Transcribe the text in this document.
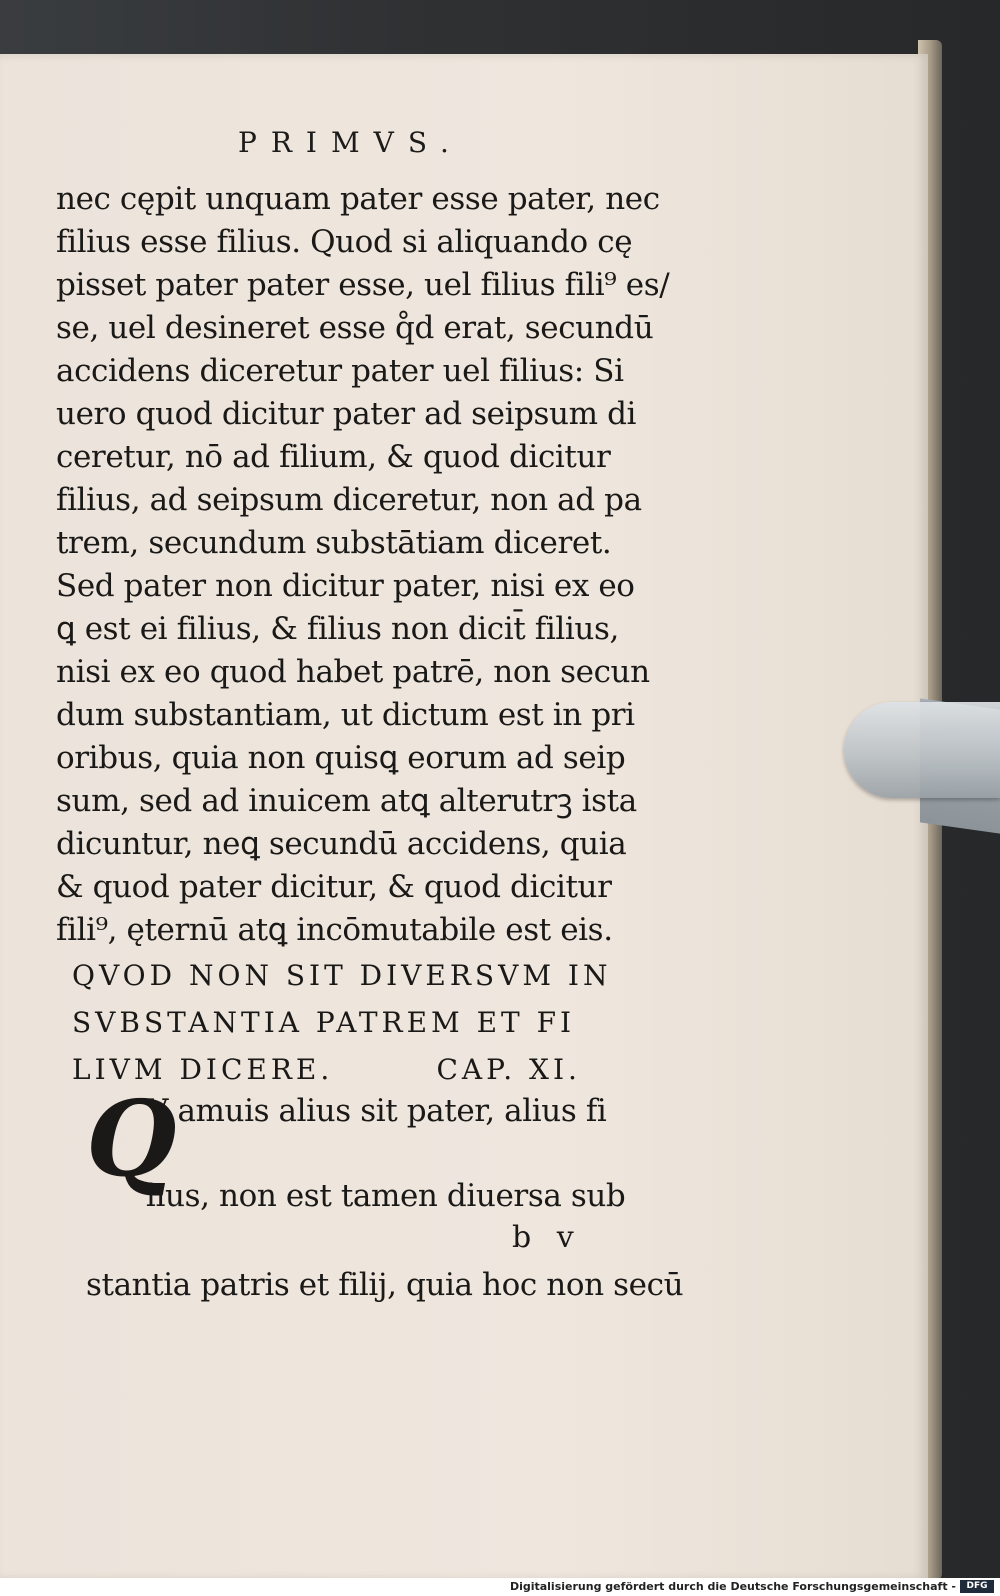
PRIMVS.
nec cępit unquam pater esse pater, nec
filius esse filius. Quod si aliquando cę
pisset pater pater esse, uel filius fili⁹ es/
se, uel desineret esse q̊d erat, secundū
accidens diceretur pater uel filius: Si
uero quod dicitur pater ad seipsum di
ceretur, nō ad filium, & quod dicitur
filius, ad seipsum diceretur, non ad pa
trem, secundum substātiam diceret.
Sed pater non dicitur pater, nisi ex eo
ꝗ est ei filius, & filius non dicit̄ filius,
nisi ex eo quod habet patrē, non secun
dum substantiam, ut dictum est in pri
oribus, quia non quisꝗ eorum ad seip
sum, sed ad inuicem atꝗ alterutrꝫ ista
dicuntur, neꝗ secundū accidens, quia
& quod pater dicitur, & quod dicitur
fili⁹, ęternū atꝗ incōmutabile est eis.
QVOD NON SIT DIVERSVM IN
SVBSTANTIA PATREM ET FI
LIVM DICERE.        CAP. XI.
Q
V amuis alius sit pater, alius fi
lius, non est tamen diuersa sub
stantia patris et filij, quia hoc non secū
b v
Digitalisierung gefördert durch die Deutsche Forschungsgemeinschaft -	DFG
